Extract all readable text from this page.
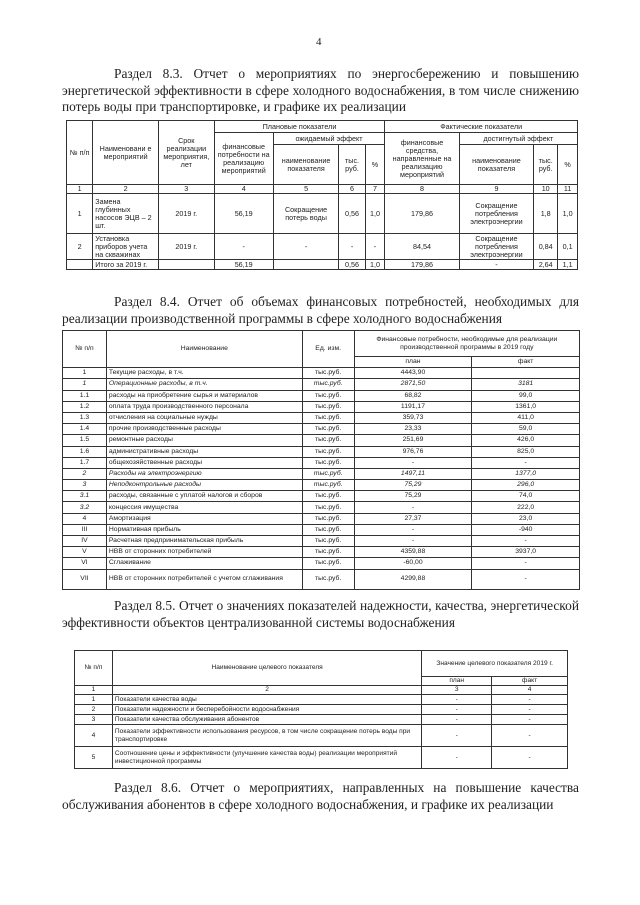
4
Раздел 8.3. Отчет о мероприятиях по энергосбережению и повышению энергетической эффективности в сфере холодного водоснабжения, в том числе снижению потерь воды при транспортировке, и графике их реализации
№ п/п	Наименовани е мероприятий	Срок реализации мероприятия, лет	Плановые показатели				Фактические показатели			
			финансовые потребности на реализацию мероприятий	ожидаемый эффект			финансовые средства, направленные на реализацию мероприятий	достигнутый эффект		
				наименование показателя	тыс. руб.	%		наименование показателя	тыс. руб.	%
1	2	3	4	5	6	7	8	9	10	11
1	Замена глубинных насосов ЭЦВ – 2 шт.	2019 г.	56,19	Сокращение потерь воды	0,56	1,0	179,86	Сокращение потребления электроэнергии	1,8	1,0
2	Установка приборов учета на скважинах	2019 г.	-	-	-	-	84,54	Сокращение потребления электроэнергии	0,84	0,1
	Итого за 2019 г.		56,19		0,56	1,0	179,86	-	2,64	1,1
Раздел 8.4. Отчет об объемах финансовых потребностей, необходимых для реализации производственной программы в сфере холодного водоснабжения
№ п/п	Наименование	Ед. изм.	Финансовые потребности, необходимые для реализации производственной программы в 2019 году	
			план	факт
1	Текущие расходы, в т.ч.	тыс.руб.	4443,90	
1	Операционные расходы, в т.ч.	тыс.руб.	2871,50	3181
1.1	расходы на приобретение сырья и материалов	тыс.руб.	68,82	99,0
1.2	оплата труда производственного персонала	тыс.руб.	1191,17	1361,0
1.3	отчисления на социальные нужды	тыс.руб.	359,73	411,0
1.4	прочие производственные расходы	тыс.руб.	23,33	59,0
1.5	ремонтные расходы	тыс.руб.	251,69	426,0
1.6	административные расходы	тыс.руб.	976,76	825,0
1.7	общехозяйственные расходы	тыс.руб.	-	-
2	Расходы на электроэнергию	тыс.руб.	1497,11	1377,0
3	Неподконтрольные расходы	тыс.руб.	75,29	296,0
3.1	расходы, связанные с уплатой налогов и сборов	тыс.руб.	75,29	74,0
3.2	концессия имущества	тыс.руб.	-	222,0
4	Амортизация	тыс.руб.	27,37	23,0
III	Нормативная прибыль	тыс.руб.	-	-940
IV	Расчетная предпринимательская прибыль	тыс.руб.	-	-
V	НВВ от сторонних потребителей	тыс.руб.	4359,88	3937,0
VI	Сглаживание	тыс.руб.	-60,00	-
VII	НВВ от сторонних потребителей с учетом сглаживания	тыс.руб.	4299,88	-
Раздел 8.5. Отчет о значениях показателей надежности, качества, энергетической эффективности объектов централизованной системы водоснабжения
№ п/п	Наименование целевого показателя	Значение целевого показателя 2019 г.	
		план	факт
1	2	3	4
1	Показатели качества воды	-	-
2	Показатели надежности и бесперебойности водоснабжения	-	-
3	Показатели качества обслуживания абонентов	-	-
4	Показатели эффективности использования ресурсов, в том числе сокращение потерь воды при транспортировке	-	-
5	Соотношение цены и эффективности (улучшение качества воды) реализации мероприятий инвестиционной программы	-	-
Раздел 8.6. Отчет о мероприятиях, направленных на повышение качества обслуживания абонентов в сфере холодного водоснабжения, и графике их реализации
